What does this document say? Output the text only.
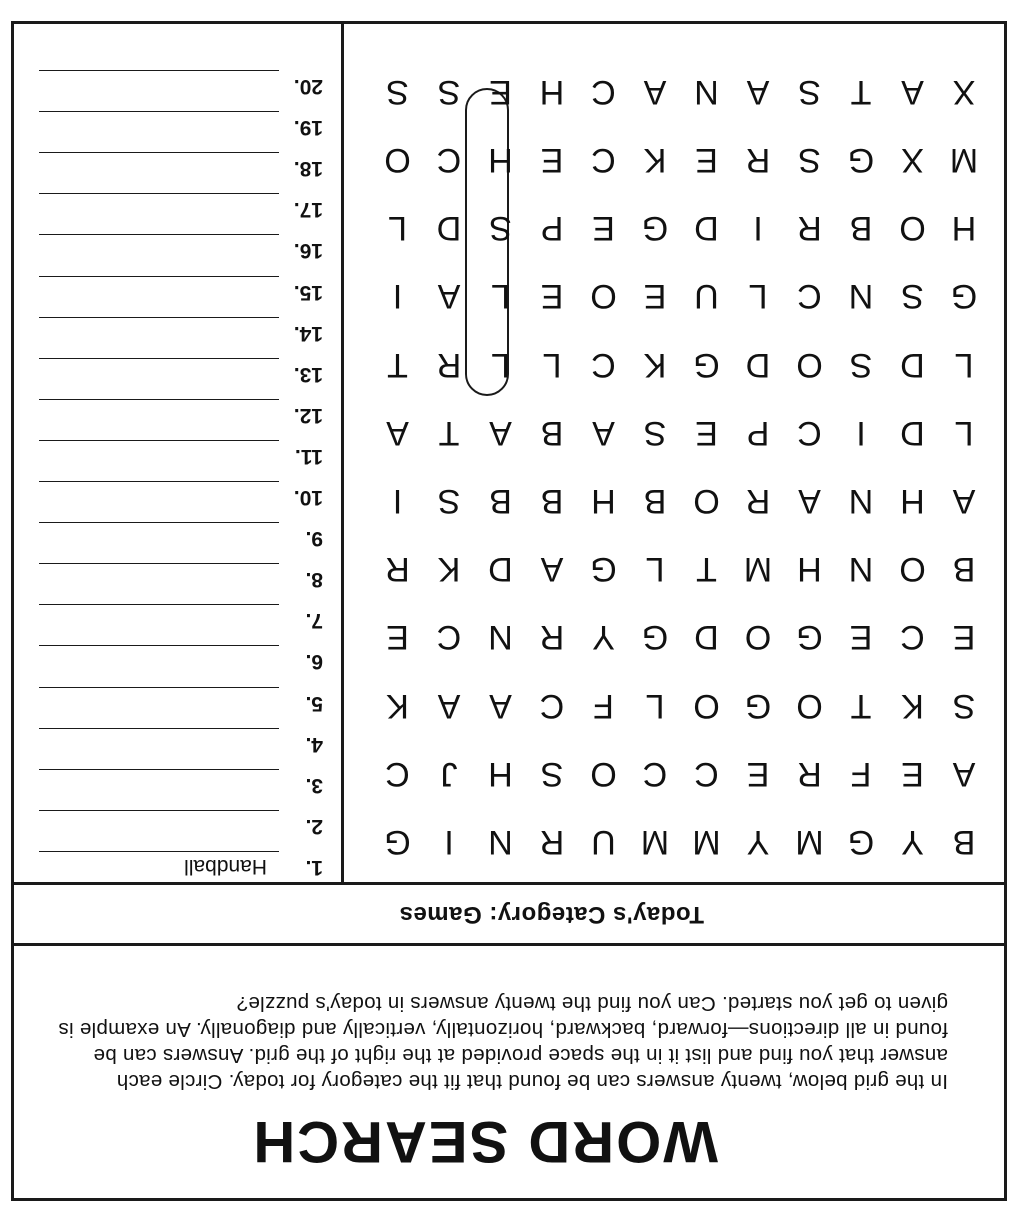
WORD SEARCH

In the grid below, twenty answers can be found that fit the category for today. Circle each answer that you find and list it in the space provided at the right of the grid. Answers can be found in all directions—forward, backward, horizontally, vertically and diagonally. An example is given to get you started. Can you find the twenty answers in today's puzzle?

Today's Category: Games
B
Y
G
M
Y
M
M
U
R
N
I
G
A
E
F
R
E
C
C
O
S
H
J
C
S
K
T
O
G
O
L
F
C
A
A
K
E
C
E
G
O
D
G
Y
R
N
C
E
B
O
N
H
M
T
L
G
A
D
K
R
A
H
N
A
R
O
B
H
B
B
S
I
L
D
I
C
P
E
S
A
B
A
T
A
L
D
S
O
D
G
K
C
L
L
R
T
G
S
N
C
L
U
E
O
E
L
A
I
H
O
B
R
I
D
G
E
P
S
D
L
M
X
G
S
R
E
K
C
E
H
C
O
X
A
T
S
A
N
A
C
H
E
S
S
1.
Handball
2.
3.
4.
5.
6.
7.
8.
9.
10.
11.
12.
13.
14.
15.
16.
17.
18.
19.
20.
